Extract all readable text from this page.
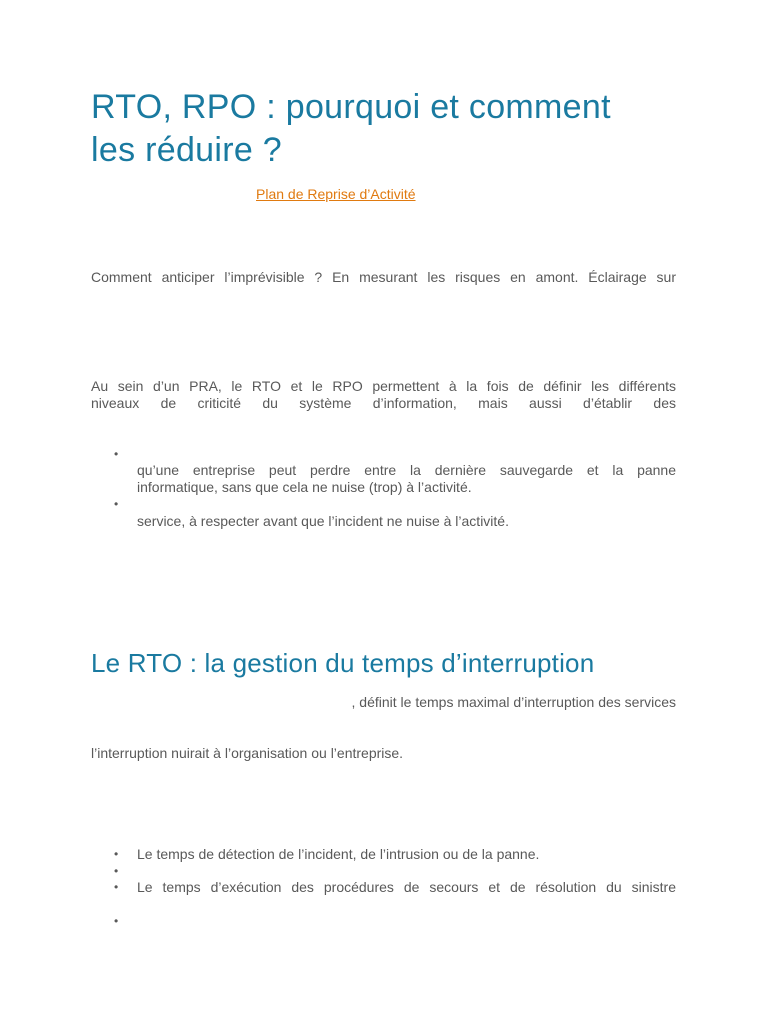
RTO, RPO : pourquoi et comment les réduire ?
Plan de Reprise d’Activité

Comment anticiper l’imprévisible ? En mesurant les risques en amont. Éclairage sur

Au sein d’un PRA, le RTO et le RPO permettent à la fois de définir les différents
niveaux de criticité du système d’information, mais aussi d’établir des

•
qu’une entreprise peut perdre entre la dernière sauvegarde et la panne
informatique, sans que cela ne nuise (trop) à l’activité.
•
service, à respecter avant que l’incident ne nuise à l’activité.
Le RTO : la gestion du temps d’interruption

, définit le temps maximal d’interruption des services

l’interruption nuirait à l’organisation ou l’entreprise.

• Le temps de détection de l’incident, de l’intrusion ou de la panne.
•
• Le temps d’exécution des procédures de secours et de résolution du sinistre
•
